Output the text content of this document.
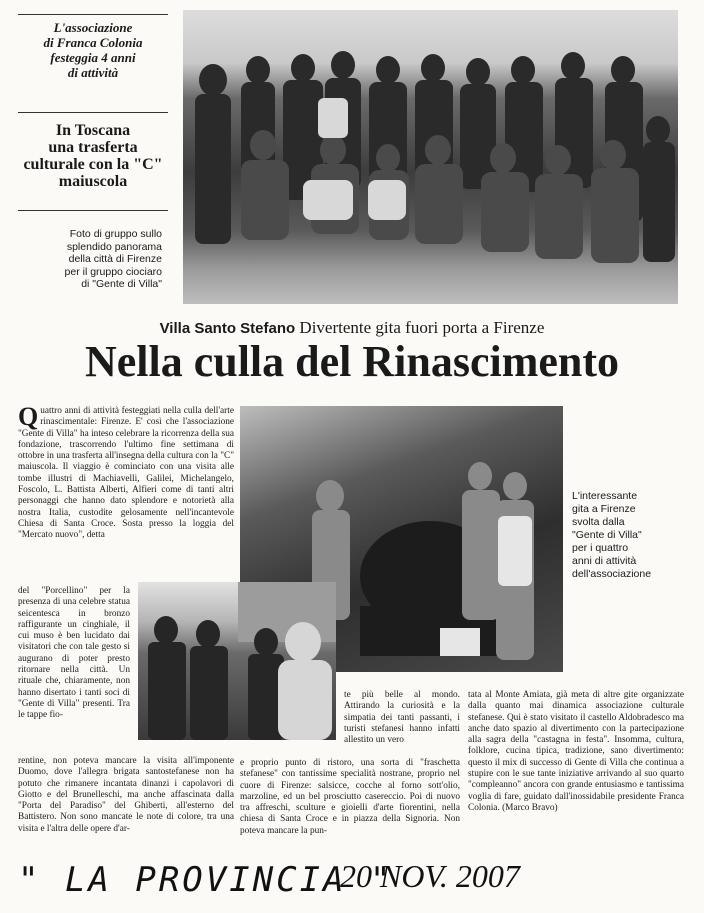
L'associazione
di Franca Colonia
festeggia 4 anni
di attività
In Toscana
una trasferta
culturale con la "C"
maiuscola
Foto di gruppo sullo
splendido panorama
della città di Firenze
per il gruppo ciociaro
di "Gente di Villa"
Villa Santo Stefano Divertente gita fuori porta a Firenze
Nella culla del Rinascimento

Quattro anni di attività festeggiati nella culla dell'arte rinascimentale: Firenze. E' così che l'associazione "Gente di Villa" ha inteso celebrare la ricorrenza della sua fondazione, trascorrendo l'ultimo fine settimana di ottobre in una trasferta all'insegna della cultura con la "C" maiuscola. Il viaggio è cominciato con una visita alle tombe illustri di Machiavelli, Galilei, Michelangelo, Foscolo, L. Battista Alberti, Alfieri come di tanti altri personaggi che hanno dato splendore e notorietà alla nostra Italia, custodite gelosamente nell'incantevole Chiesa di Santa Croce. Sosta presso la loggia del "Mercato nuovo", detta

del "Porcellino" per la presenza di una celebre statua seicentesca in bronzo raffigurante un cinghiale, il cui muso è ben lucidato dai visitatori che con tale gesto si augurano di poter presto ritornare nella città. Un rituale che, chiaramente, non hanno disertato i tanti soci di "Gente di Villa" presenti. Tra le tappe fio-

rentine, non poteva mancare la visita all'imponente Duomo, dove l'allegra brigata santostefanese non ha potuto che rimanere incantata dinanzi i capolavori di Giotto e del Brunelleschi, ma anche affascinata dalla "Porta del Paradiso" del Ghiberti, all'esterno del Battistero. Non sono mancate le note di colore, tra una visita e l'altra delle opere d'ar-

L'interessante
gita a Firenze
svolta dalla
"Gente di Villa"
per i quattro
anni di attività
dell'associazione

te più belle al mondo. Attirando la curiosità e la simpatia dei tanti passanti, i turisti stefanesi hanno infatti allestito un vero

e proprio punto di ristoro, una sorta di "fraschetta stefanese" con tantissime specialità nostrane, proprio nel cuore di Firenze: salsicce, cocche al forno sott'olio, marzoline, ed un bel prosciutto casereccio. Poi di nuovo tra affreschi, sculture e gioielli d'arte fiorentini, nella chiesa di Santa Croce e in piazza della Signoria. Non poteva mancare la pun-

tata al Monte Amiata, già meta di altre gite organizzate dalla quanto mai dinamica associazione culturale stefanese. Qui è stato visitato il castello Aldobradesco ma anche dato spazio al divertimento con la partecipazione alla sagra della "castagna in festa". Insomma, cultura, folklore, cucina tipica, tradizione, sano divertimento: questo il mix di successo di Gente di Villa che continua a stupire con le sue tante iniziative arrivando al suo quarto "compleanno" ancora con grande entusiasmo e tantissima voglia di fare, guidato dall'inossidabile presidente Franca Colonia. (Marco Bravo)

" LA PROVINCIA "
20 NOV. 2007
